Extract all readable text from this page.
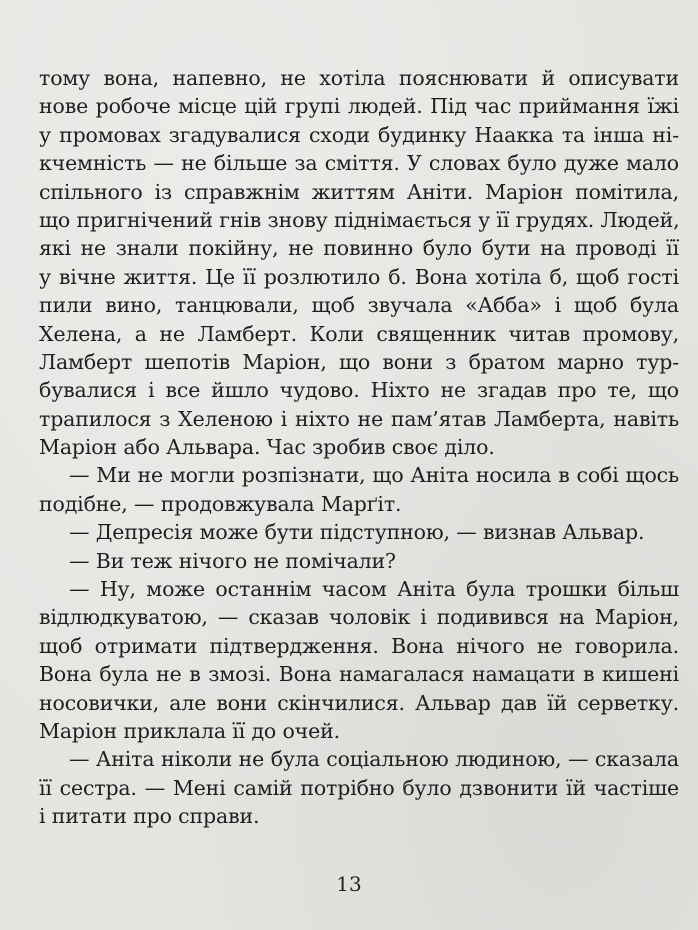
тому вона, напевно, не хотіла пояснювати й описувати
нове робоче місце цій групі людей. Під час приймання їжі
у промовах згадувалися сходи будинку Наакка та інша ні-
кчемність — не більше за сміття. У словах було дуже мало
спільного із справжнім життям Аніти. Маріон помітила,
що пригнічений гнів знову піднімається у її грудях. Людей,
які не знали покійну, не повинно було бути на проводі її
у вічне життя. Це її розлютило б. Вона хотіла б, щоб гості
пили вино, танцювали, щоб звучала «Абба» і щоб була
Хелена, а не Ламберт. Коли священник читав промову,
Ламберт шепотів Маріон, що вони з братом марно тур-
бувалися і все йшло чудово. Ніхто не згадав про те, що
трапилося з Хеленою і ніхто не пам’ятав Ламберта, навіть
Маріон або Альвара. Час зробив своє діло.
— Ми не могли розпізнати, що Аніта носила в собі щось
подібне, — продовжувала Марґіт.
— Депресія може бути підступною, — визнав Альвар.
— Ви теж нічого не помічали?
— Ну, може останнім часом Аніта була трошки більш
відлюдкуватою, — сказав чоловік і подивився на Маріон,
щоб отримати підтвердження. Вона нічого не говорила.
Вона була не в змозі. Вона намагалася намацати в кишені
носовички, але вони скінчилися. Альвар дав їй серветку.
Маріон приклала її до очей.
— Аніта ніколи не була соціальною людиною, — сказала
її сестра. — Мені самій потрібно було дзвонити їй частіше
і питати про справи.
13
